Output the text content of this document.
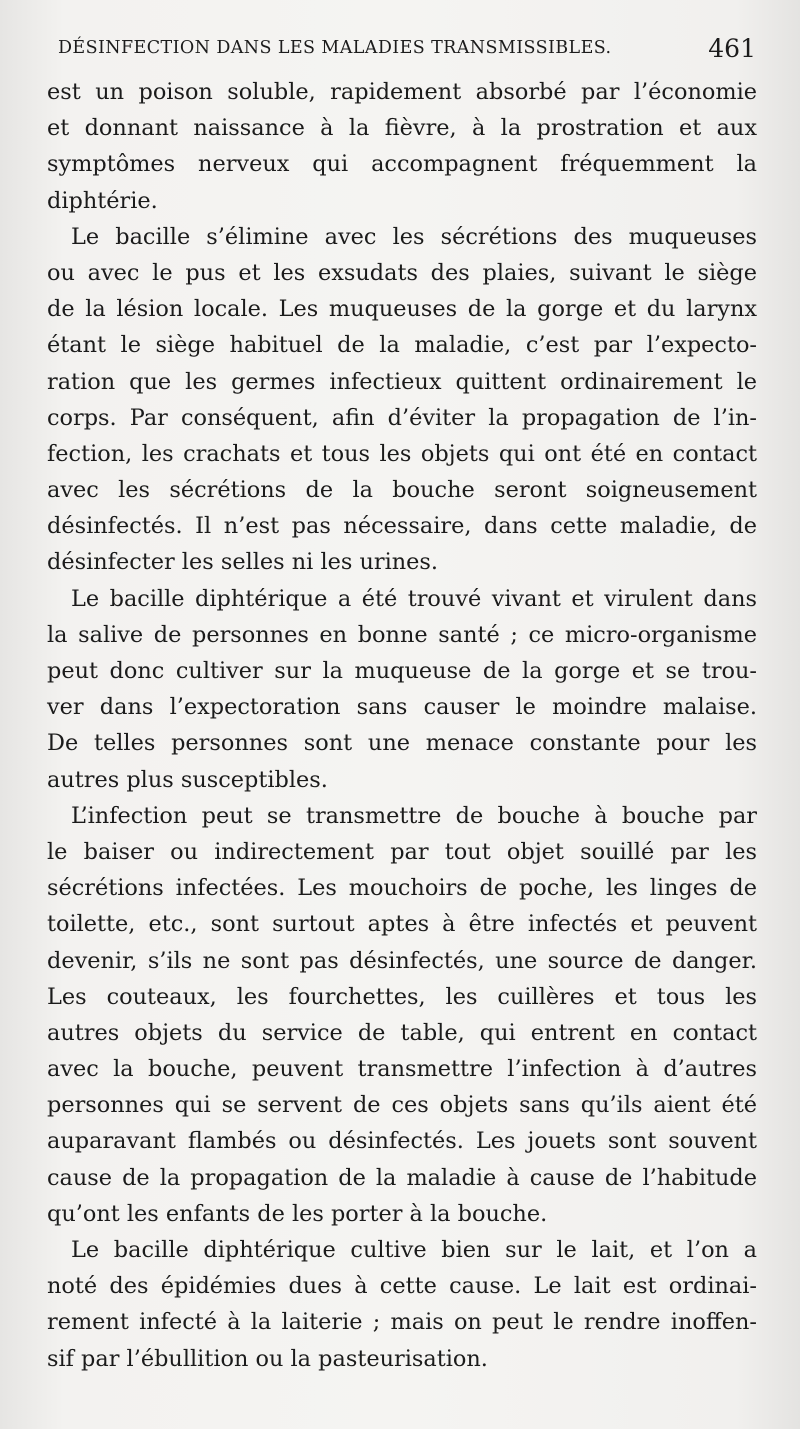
DÉSINFECTION DANS LES MALADIES TRANSMISSIBLES.	461
est un poison soluble, rapidement absorbé par l’économie
et donnant naissance à la fièvre, à la prostration et aux
symptômes nerveux qui accompagnent fréquemment la
diphtérie.
Le bacille s’élimine avec les sécrétions des muqueuses
ou avec le pus et les exsudats des plaies, suivant le siège
de la lésion locale. Les muqueuses de la gorge et du larynx
étant le siège habituel de la maladie, c’est par l’expecto-
ration que les germes infectieux quittent ordinairement le
corps. Par conséquent, afin d’éviter la propagation de l’in-
fection, les crachats et tous les objets qui ont été en contact
avec les sécrétions de la bouche seront soigneusement
désinfectés. Il n’est pas nécessaire, dans cette maladie, de
désinfecter les selles ni les urines.
Le bacille diphtérique a été trouvé vivant et virulent dans
la salive de personnes en bonne santé ; ce micro-organisme
peut donc cultiver sur la muqueuse de la gorge et se trou-
ver dans l’expectoration sans causer le moindre malaise.
De telles personnes sont une menace constante pour les
autres plus susceptibles.
L’infection peut se transmettre de bouche à bouche par
le baiser ou indirectement par tout objet souillé par les
sécrétions infectées. Les mouchoirs de poche, les linges de
toilette, etc., sont surtout aptes à être infectés et peuvent
devenir, s’ils ne sont pas désinfectés, une source de danger.
Les couteaux, les fourchettes, les cuillères et tous les
autres objets du service de table, qui entrent en contact
avec la bouche, peuvent transmettre l’infection à d’autres
personnes qui se servent de ces objets sans qu’ils aient été
auparavant flambés ou désinfectés. Les jouets sont souvent
cause de la propagation de la maladie à cause de l’habitude
qu’ont les enfants de les porter à la bouche.
Le bacille diphtérique cultive bien sur le lait, et l’on a
noté des épidémies dues à cette cause. Le lait est ordinai-
rement infecté à la laiterie ; mais on peut le rendre inoffen-
sif par l’ébullition ou la pasteurisation.
